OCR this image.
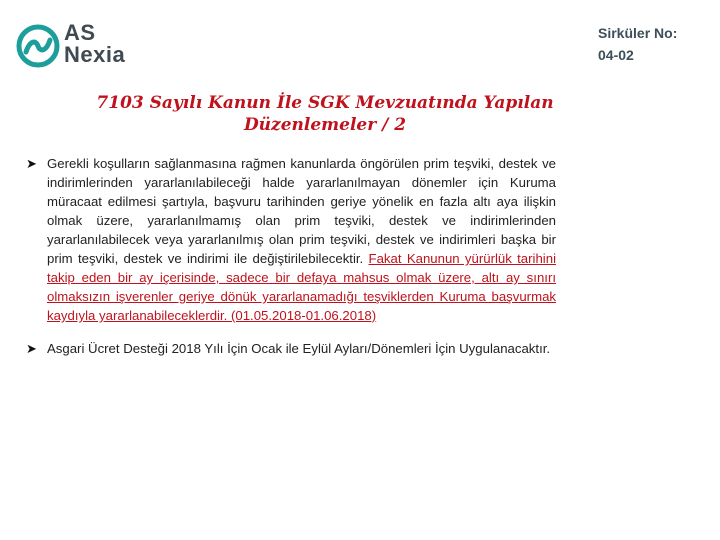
AS
Nexia
Sirküler No:
04-02
7103 Sayılı Kanun İle SGK Mevzuatında Yapılan
Düzenlemeler / 2
➤ Gerekli koşulların sağlanmasına rağmen kanunlarda öngörülen prim teşviki, destek ve indirimlerinden yararlanılabileceği halde yararlanılmayan dönemler için Kuruma müracaat edilmesi şartıyla, başvuru tarihinden geriye yönelik en fazla altı aya ilişkin olmak üzere, yararlanılmamış olan prim teşviki, destek ve indirimlerinden yararlanılabilecek veya yararlanılmış olan prim teşviki, destek ve indirimleri başka bir prim teşviki, destek ve indirimi ile değiştirilebilecektir. Fakat Kanunun yürürlük tarihini takip eden bir ay içerisinde, sadece bir defaya mahsus olmak üzere, altı ay sınırı olmaksızın işverenler geriye dönük yararlanamadığı teşviklerden Kuruma başvurmak kaydıyla yararlanabileceklerdir. (01.05.2018-01.06.2018)
➤ Asgari Ücret Desteği 2018 Yılı İçin Ocak ile Eylül Ayları/Dönemleri İçin Uygulanacaktır.
